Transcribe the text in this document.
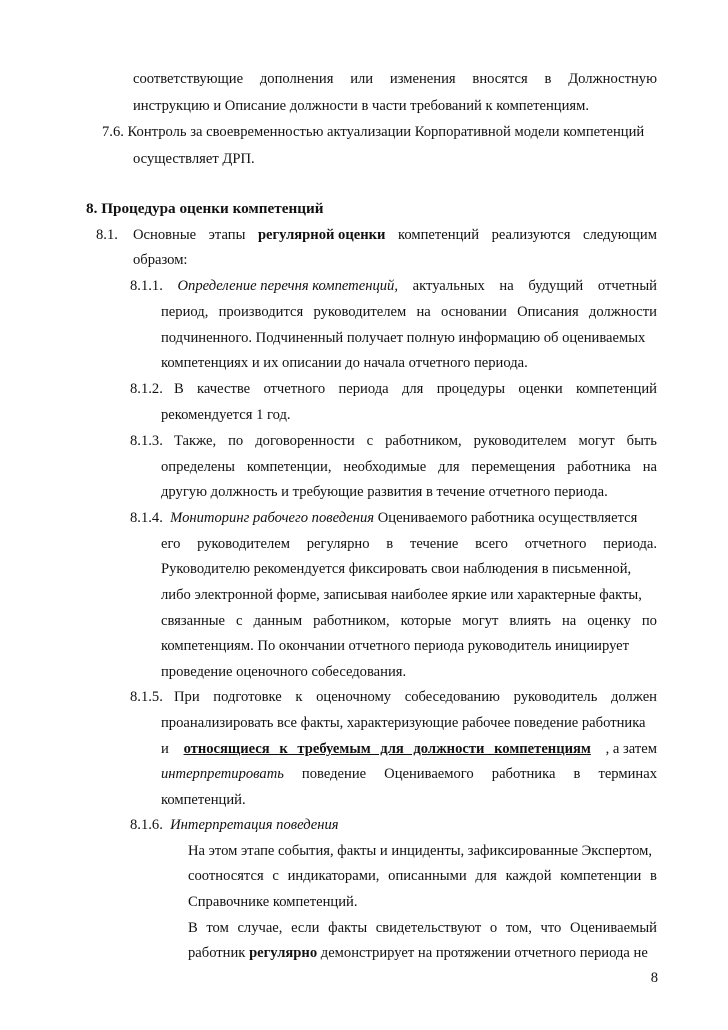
соответствующие дополнения или изменения вносятся в Должностную
инструкцию и Описание должности в части требований к компетенциям.
7.6. Контроль за своевременностью актуализации Корпоративной модели компетенций
осуществляет ДРП.
8. Процедура оценки компетенций
8.1. Основные этапы регулярной оценки компетенций реализуются следующим
образом:
8.1.1. Определение перечня компетенций, актуальных на будущий отчетный
период, производится руководителем на основании Описания должности
подчиненного. Подчиненный получает полную информацию об оцениваемых
компетенциях и их описании до начала отчетного периода.
8.1.2. В качестве отчетного периода для процедуры оценки компетенций
рекомендуется 1 год.
8.1.3. Также, по договоренности с работником, руководителем могут быть
определены компетенции, необходимые для перемещения работника на
другую должность и требующие развития в течение отчетного периода.
8.1.4. Мониторинг рабочего поведения Оцениваемого работника осуществляется
его руководителем регулярно в течение всего отчетного периода.
Руководителю рекомендуется фиксировать свои наблюдения в письменной,
либо электронной форме, записывая наиболее яркие или характерные факты,
связанные с данным работником, которые могут влиять на оценку по
компетенциям. По окончании отчетного периода руководитель инициирует
проведение оценочного собеседования.
8.1.5. При подготовке к оценочному собеседованию руководитель должен
проанализировать все факты, характеризующие рабочее поведение работника
и относящиеся к требуемым для должности компетенциям , а затем
интерпретировать поведение Оцениваемого работника в терминах
компетенций.
8.1.6. Интерпретация поведения
На этом этапе события, факты и инциденты, зафиксированные Экспертом,
соотносятся с индикаторами, описанными для каждой компетенции в
Справочнике компетенций.
В том случае, если факты свидетельствуют о том, что Оцениваемый
работник регулярно демонстрирует на протяжении отчетного периода не
8
